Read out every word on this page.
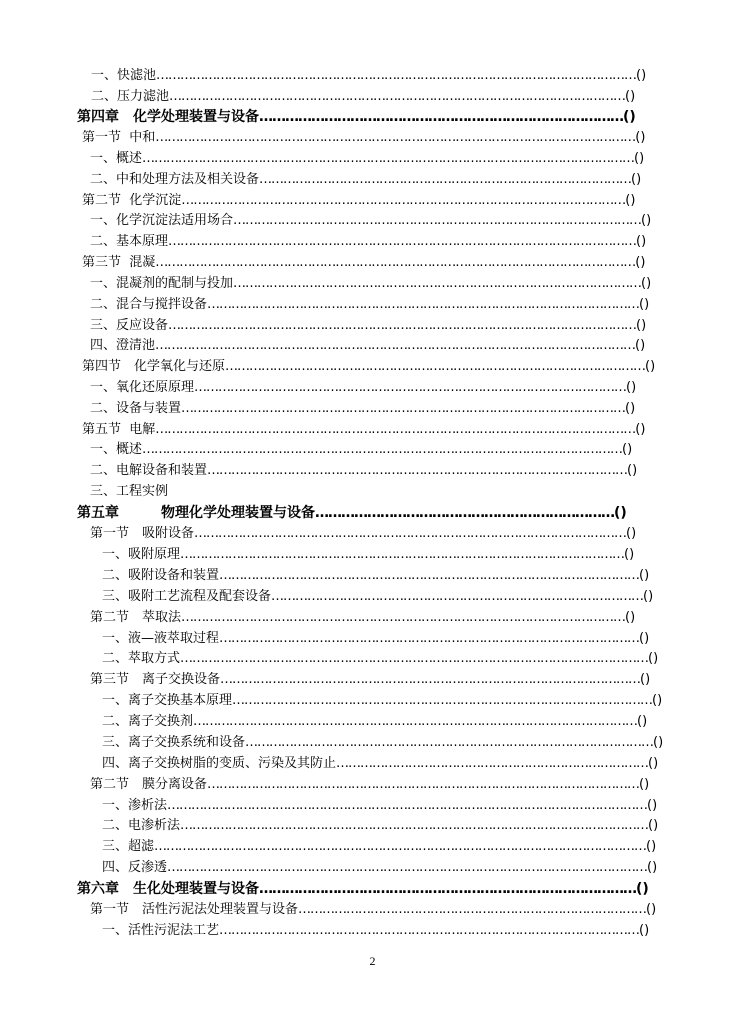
一、快滤池…………………………………………………………………………………………………………()
二、压力滤池……………………………………………………………………………………………………()
第四章　化学处理装置与设备…………………………………………………………………………()
第一节  中和…………………………………………………………………………………………………………()
一、概述……………………………………………………………………………………………………………()
二、中和处理方法及相关设备…………………………………………………………………………………()
第二节  化学沉淀…………………………………………………………………………………………………()
一、化学沉淀法适用场合…………………………………………………………………………………………()
二、基本原理………………………………………………………………………………………………………()
第三节  混凝…………………………………………………………………………………………………………()
一、混凝剂的配制与投加…………………………………………………………………………………………()
二、混合与搅拌设备………………………………………………………………………………………………()
三、反应设备………………………………………………………………………………………………………()
四、澄清池…………………………………………………………………………………………………………()
第四节　化学氧化与还原……………………………………………………………………………………………()
一、氧化还原原理………………………………………………………………………………………………()
二、设备与装置…………………………………………………………………………………………………()
第五节  电解…………………………………………………………………………………………………………()
一、概述…………………………………………………………………………………………………………()
二、电解设备和装置……………………………………………………………………………………………()
三、工程实例
第五章　　　物理化学处理装置与设备……………………………………………………………()
第一节　吸附设备………………………………………………………………………………………………()
一、吸附原理…………………………………………………………………………………………………()
二、吸附设备和装置……………………………………………………………………………………………()
三、吸附工艺流程及配套设备…………………………………………………………………………………()
第二节　萃取法…………………………………………………………………………………………………()
一、液—液萃取过程……………………………………………………………………………………………()
二、萃取方式………………………………………………………………………………………………………()
第三节　离子交换设备……………………………………………………………………………………………()
一、离子交换基本原理……………………………………………………………………………………………()
二、离子交换剂…………………………………………………………………………………………………()
三、离子交换系统和设备…………………………………………………………………………………………()
四、离子交换树脂的变质、污染及其防止……………………………………………………………………()
第二节　膜分离设备………………………………………………………………………………………………()
一、渗析法…………………………………………………………………………………………………………()
二、电渗析法………………………………………………………………………………………………………()
三、超滤……………………………………………………………………………………………………………()
四、反渗透…………………………………………………………………………………………………………()
第六章　生化处理装置与设备……………………………………………………………………………()
第一节　活性污泥法处理装置与设备……………………………………………………………………………()
一、活性污泥法工艺……………………………………………………………………………………………()
2
